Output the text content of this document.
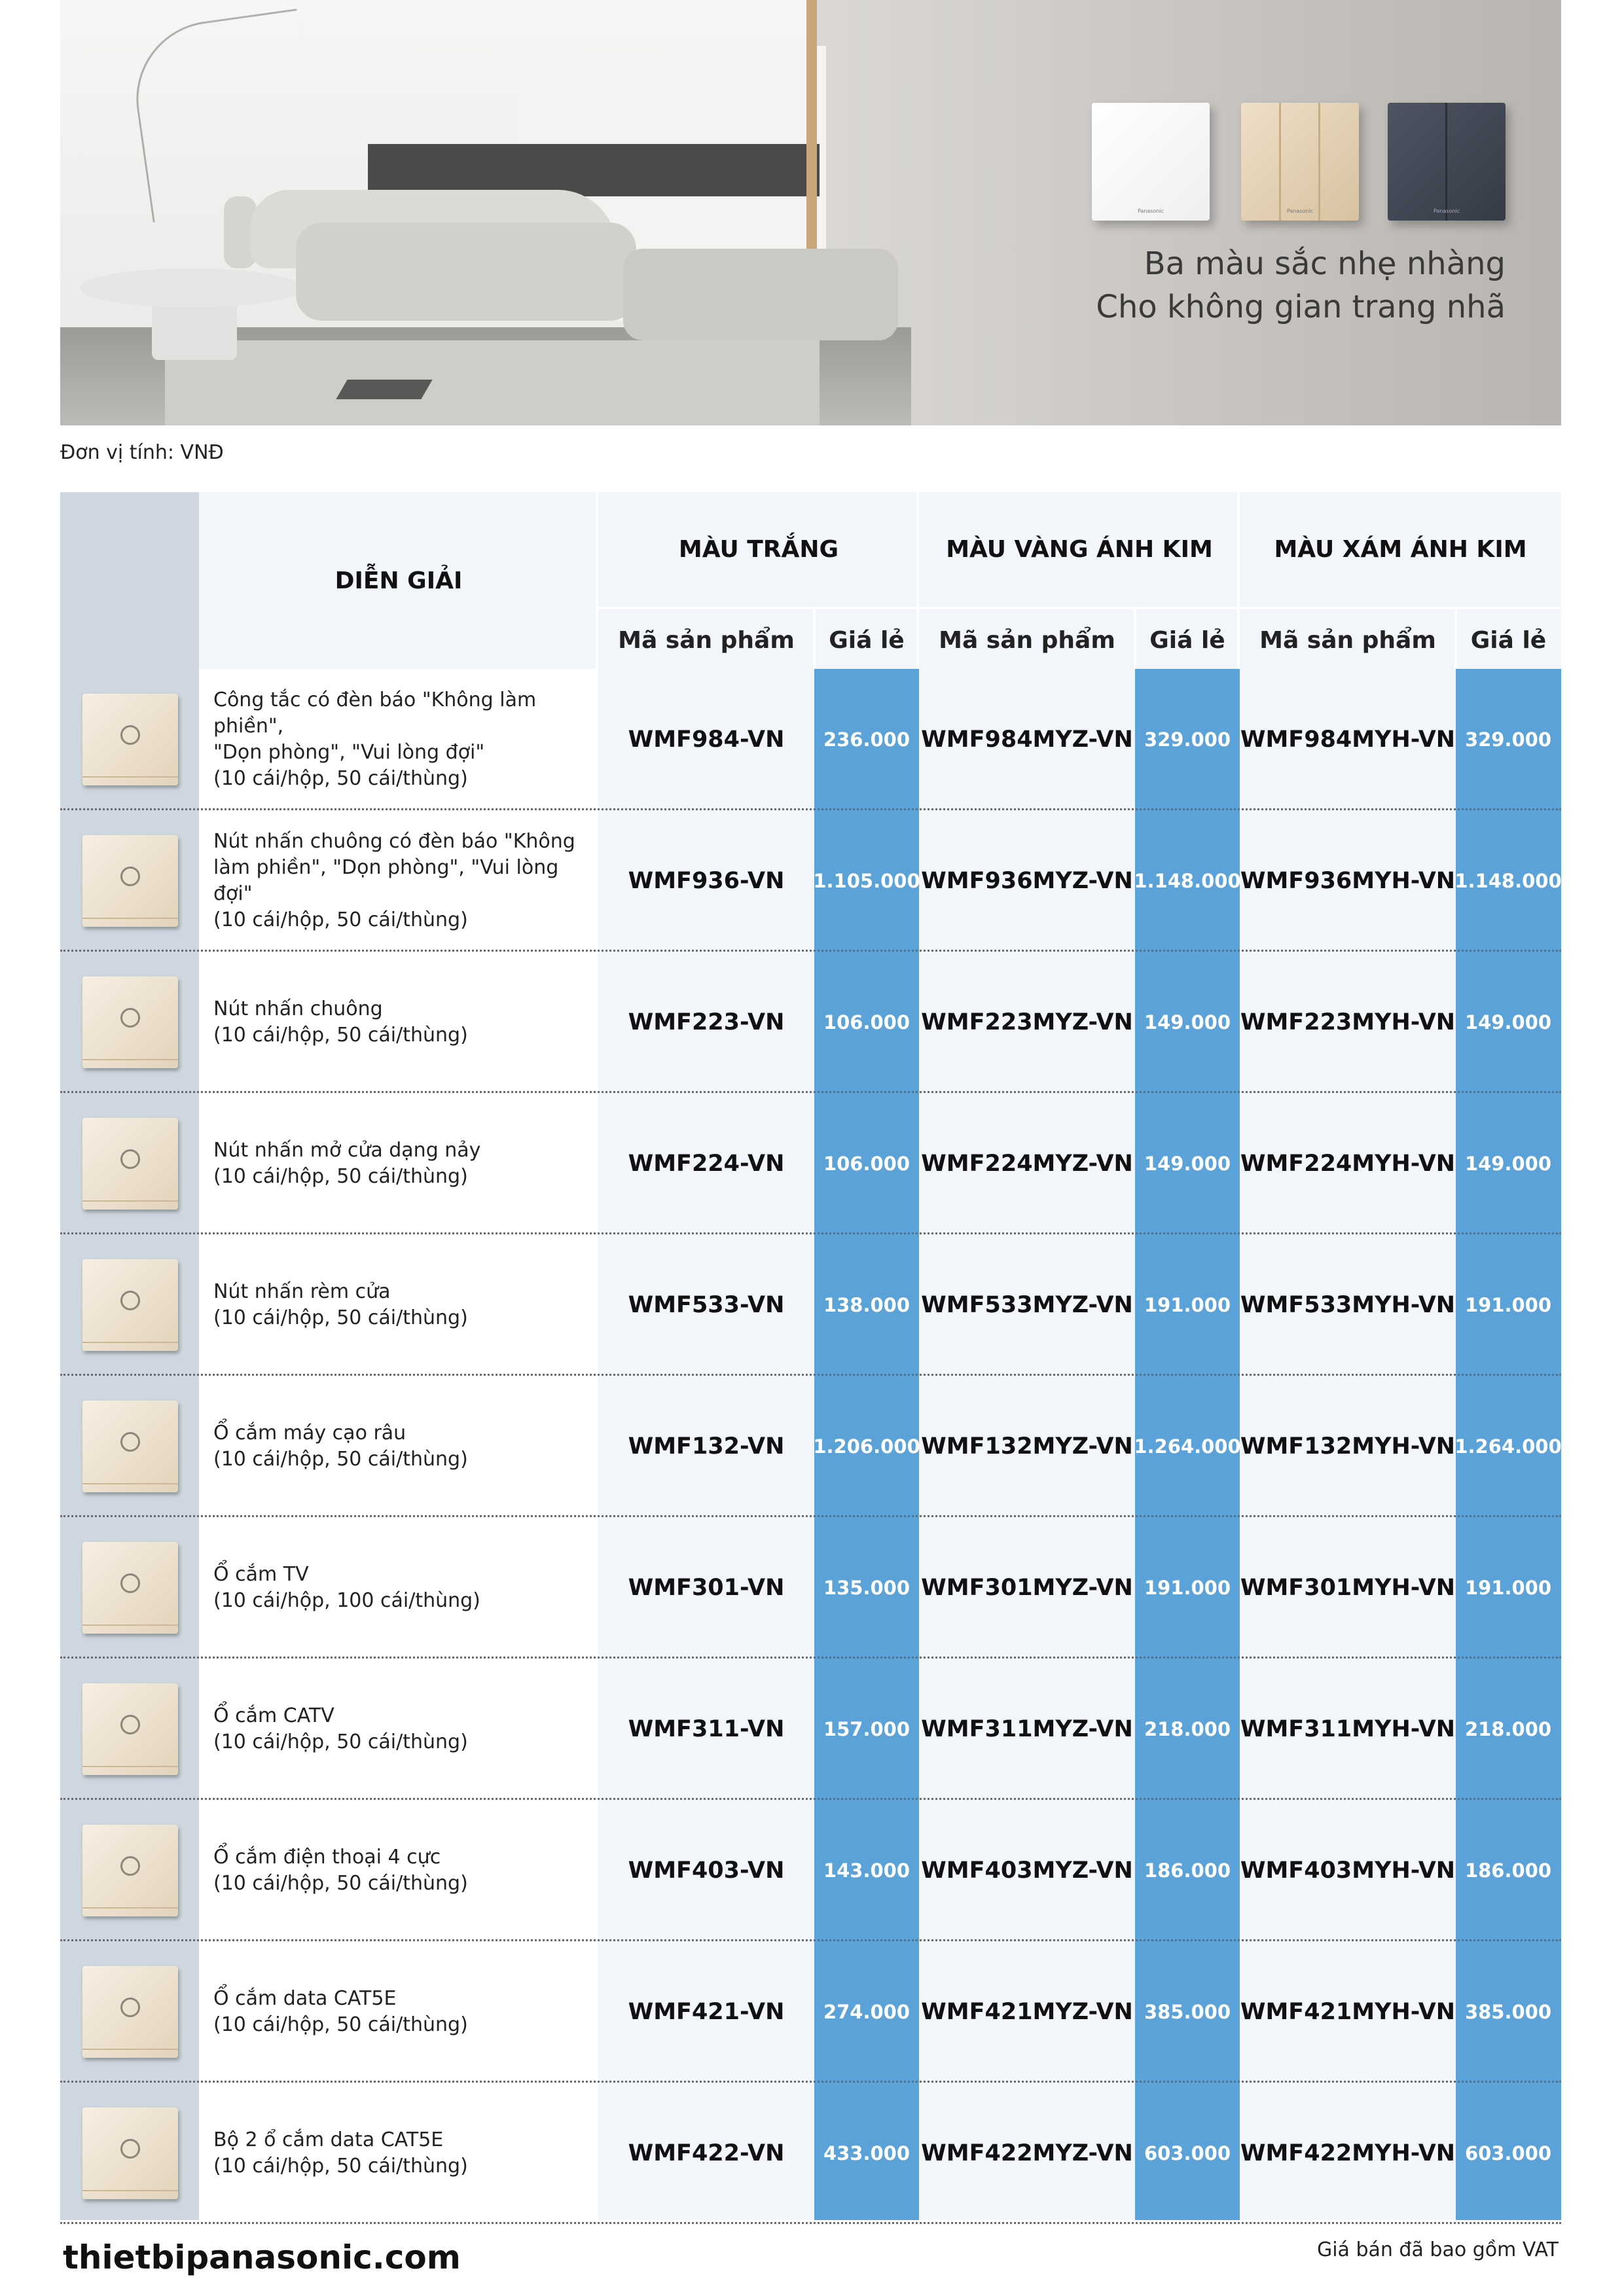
Panasonic	Panasonic	Panasonic
Ba màu sắc nhẹ nhàng
Cho không gian trang nhã
Đơn vị tính: VNĐ
DIỄN GIẢI
MÀU TRẮNG	MÀU VÀNG ÁNH KIM	MÀU XÁM ÁNH KIM
Mã sản phẩm	Giá lẻ	Mã sản phẩm	Giá lẻ	Mã sản phẩm	Giá lẻ
Công tắc có đèn báo "Không làm phiền",
"Dọn phòng", "Vui lòng đợi"
(10 cái/hộp, 50 cái/thùng)
WMF984-VN	236.000 WMF984MYZ-VN 329.000 WMF984MYH-VN 329.000
Nút nhấn chuông có đèn báo "Không
làm phiền", "Dọn phòng", "Vui lòng đợi"
(10 cái/hộp, 50 cái/thùng)
WMF936-VN	1.105.000 WMF936MYZ-VN 1.148.000 WMF936MYH-VN 1.148.000
Nút nhấn chuông
(10 cái/hộp, 50 cái/thùng)	WMF223-VN	106.000 WMF223MYZ-VN 149.000 WMF223MYH-VN 149.000
Nút nhấn mở cửa dạng nảy
(10 cái/hộp, 50 cái/thùng)	WMF224-VN	106.000 WMF224MYZ-VN 149.000 WMF224MYH-VN 149.000
Nút nhấn rèm cửa
(10 cái/hộp, 50 cái/thùng)	WMF533-VN	138.000 WMF533MYZ-VN 191.000 WMF533MYH-VN 191.000
Ổ cắm máy cạo râu
(10 cái/hộp, 50 cái/thùng)	WMF132-VN	1.206.000 WMF132MYZ-VN 1.264.000 WMF132MYH-VN 1.264.000
Ổ cắm TV
(10 cái/hộp, 100 cái/thùng)	WMF301-VN	135.000 WMF301MYZ-VN 191.000 WMF301MYH-VN 191.000
Ổ cắm CATV
(10 cái/hộp, 50 cái/thùng)	WMF311-VN	157.000 WMF311MYZ-VN 218.000 WMF311MYH-VN 218.000
Ổ cắm điện thoại 4 cực
(10 cái/hộp, 50 cái/thùng)	WMF403-VN	143.000 WMF403MYZ-VN 186.000 WMF403MYH-VN 186.000
Ổ cắm data CAT5E
(10 cái/hộp, 50 cái/thùng)	WMF421-VN	274.000 WMF421MYZ-VN 385.000 WMF421MYH-VN 385.000
Bộ 2 ổ cắm data CAT5E
(10 cái/hộp, 50 cái/thùng)	WMF422-VN	433.000 WMF422MYZ-VN 603.000 WMF422MYH-VN 603.000
thietbipanasonic.com	Giá bán đã bao gồm VAT
